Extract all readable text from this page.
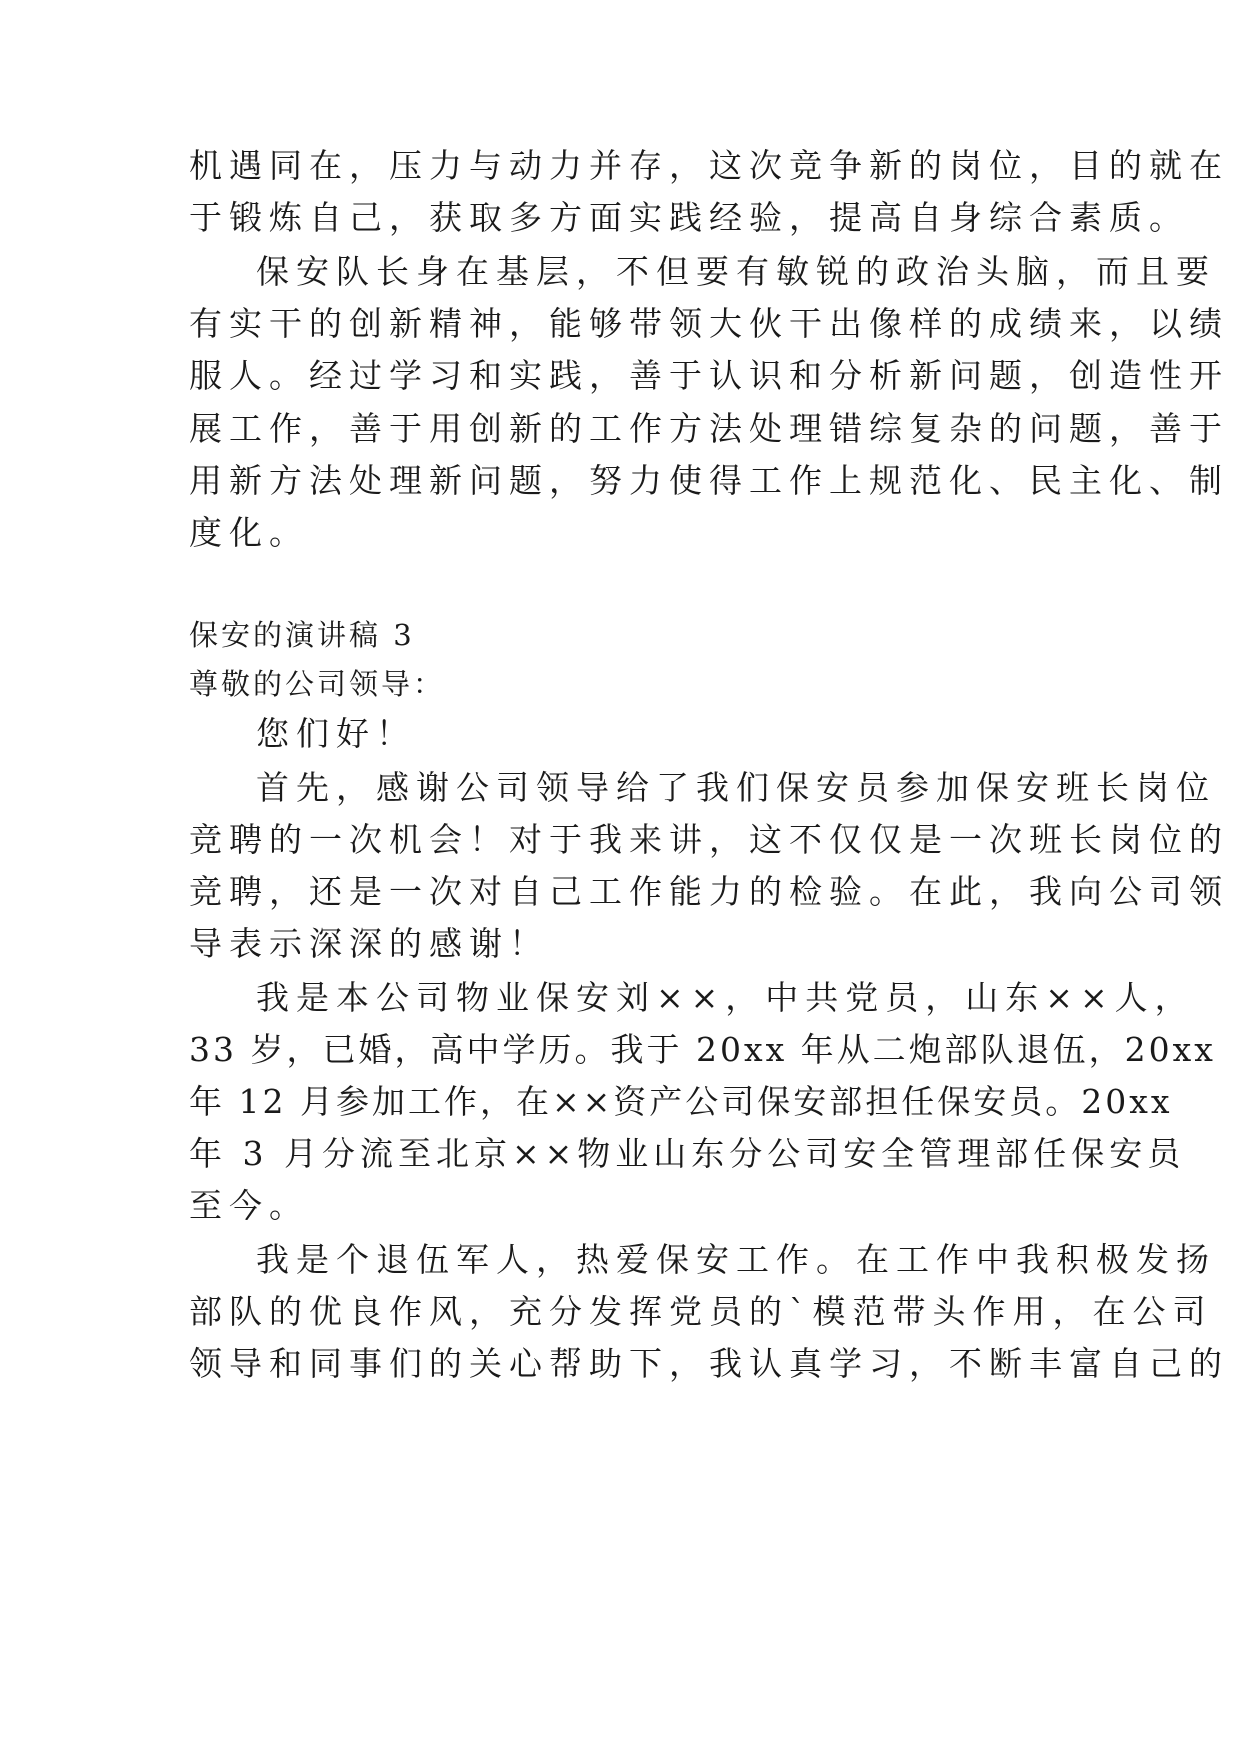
机遇同在，压力与动力并存，这次竞争新的岗位，目的就在
于锻炼自己，获取多方面实践经验，提高自身综合素质。
保安队长身在基层，不但要有敏锐的政治头脑，而且要
有实干的创新精神，能够带领大伙干出像样的成绩来，以绩
服人。经过学习和实践，善于认识和分析新问题，创造性开
展工作，善于用创新的工作方法处理错综复杂的问题，善于
用新方法处理新问题，努力使得工作上规范化、民主化、制
度化。
保安的演讲稿 3
尊敬的公司领导：
您们好！
首先，感谢公司领导给了我们保安员参加保安班长岗位
竞聘的一次机会！对于我来讲，这不仅仅是一次班长岗位的
竞聘，还是一次对自己工作能力的检验。在此，我向公司领
导表示深深的感谢！
我是本公司物业保安刘××，中共党员，山东××人，
33 岁，已婚，高中学历。我于 20xx 年从二炮部队退伍，20xx
年 12 月参加工作，在××资产公司保安部担任保安员。20xx
年 3 月分流至北京××物业山东分公司安全管理部任保安员
至今。
我是个退伍军人，热爱保安工作。在工作中我积极发扬
部队的优良作风，充分发挥党员的`模范带头作用，在公司
领导和同事们的关心帮助下，我认真学习，不断丰富自己的
